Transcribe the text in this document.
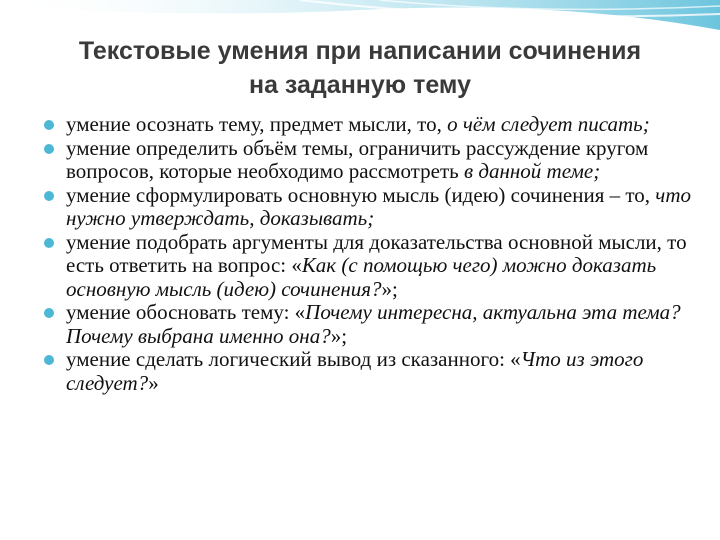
Текстовые умения при написании сочинения
на заданную тему
умение осознать тему, предмет мысли, то, о чём следует писать;
умение определить объём темы, ограничить рассуждение кругом вопросов, которые необходимо рассмотреть в данной теме;
умение сформулировать основную мысль (идею) сочинения – то, что нужно утверждать, доказывать;
умение подобрать аргументы для доказательства основной мысли, то есть ответить на вопрос: «Как (с помощью чего) можно доказать основную мысль (идею) сочинения?»;
умение обосновать тему: «Почему интересна, актуальна эта тема? Почему выбрана именно она?»;
умение сделать логический вывод из сказанного: «Что из этого следует?»
